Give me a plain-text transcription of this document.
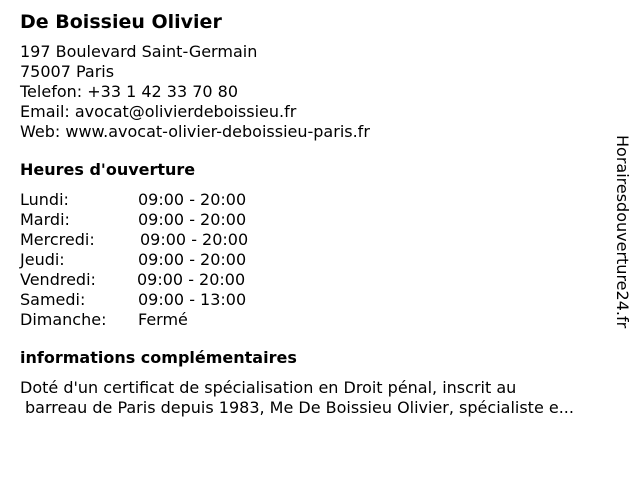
De Boissieu Olivier
197 Boulevard Saint-Germain
75007 Paris
Telefon: +33 1 42 33 70 80
Email: avocat@olivierdeboissieu.fr
Web: www.avocat-olivier-deboissieu-paris.fr
Heures d'ouverture
Lundi:	09:00 - 20:00
Mardi:	09:00 - 20:00
Mercredi:	09:00 - 20:00
Jeudi:	09:00 - 20:00
Vendredi:	09:00 - 20:00
Samedi:	09:00 - 13:00
Dimanche:	Fermé
informations complémentaires
Doté d'un certificat de spécialisation en Droit pénal, inscrit au
barreau de Paris depuis 1983, Me De Boissieu Olivier, spécialiste e...
Horairesdouverture24.fr
